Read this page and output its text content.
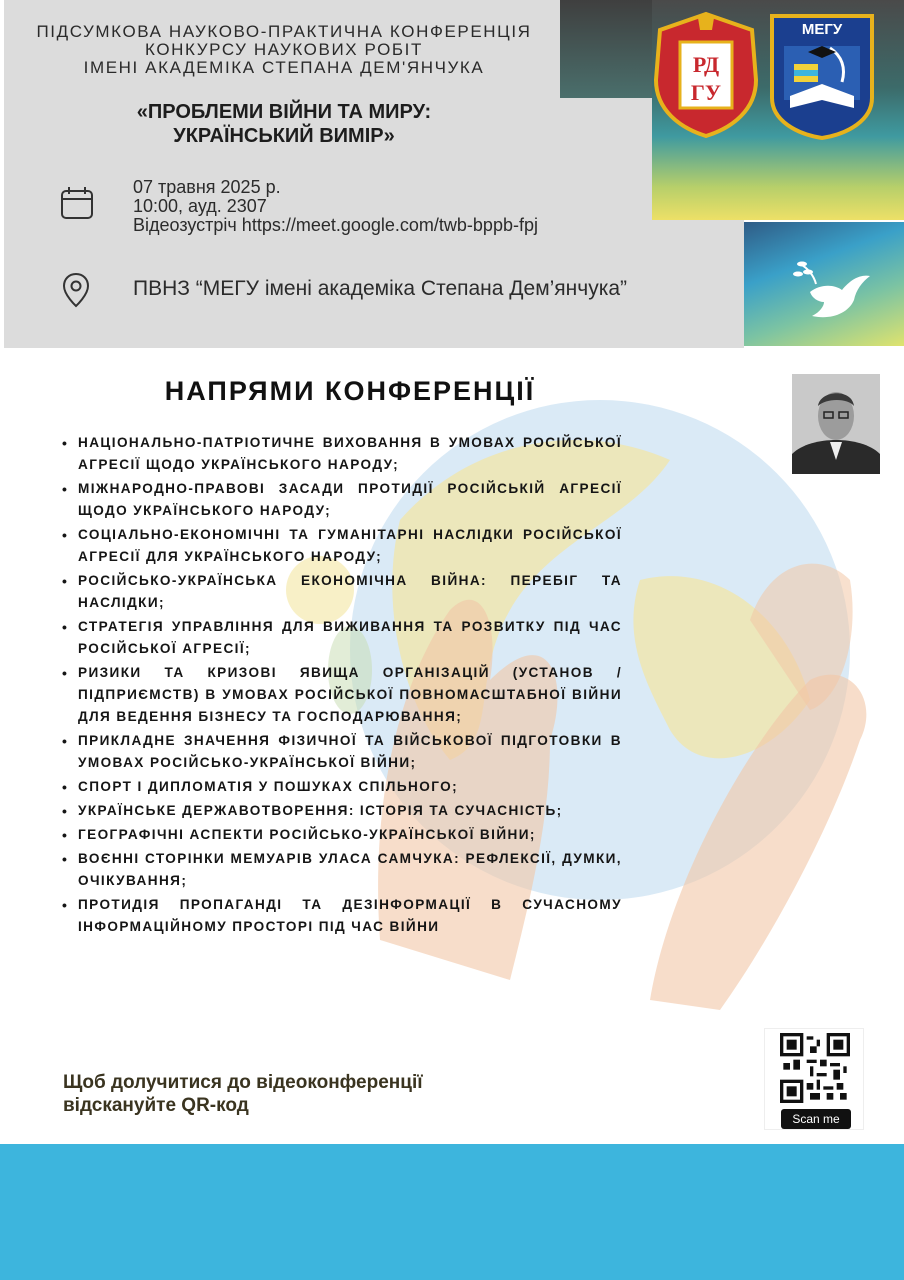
ПІДСУМКОВА НАУКОВО-ПРАКТИЧНА КОНФЕРЕНЦІЯ
КОНКУРСУ НАУКОВИХ РОБІТ
ІМЕНІ АКАДЕМІКА СТЕПАНА ДЕМ'ЯНЧУКА
«ПРОБЛЕМИ ВІЙНИ ТА МИРУ:
УКРАЇНСЬКИЙ ВИМІР»
07 травня 2025 р.
10:00, ауд. 2307
Відеозустріч https://meet.google.com/twb-bppb-fpj
ПВНЗ “МЕГУ імені академіка Степана Дем’янчука”
РД
ГУ
МЕГУ
НАПРЯМИ КОНФЕРЕНЦІЇ
• НАЦІОНАЛЬНО-ПАТРІОТИЧНЕ ВИХОВАННЯ В УМОВАХ РОСІЙСЬКОЇ АГРЕСІЇ ЩОДО УКРАЇНСЬКОГО НАРОДУ;
• МІЖНАРОДНО-ПРАВОВІ ЗАСАДИ ПРОТИДІЇ РОСІЙСЬКІЙ АГРЕСІЇ ЩОДО УКРАЇНСЬКОГО НАРОДУ;
• СОЦІАЛЬНО-ЕКОНОМІЧНІ ТА ГУМАНІТАРНІ НАСЛІДКИ РОСІЙСЬКОЇ АГРЕСІЇ ДЛЯ УКРАЇНСЬКОГО НАРОДУ;
• РОСІЙСЬКО-УКРАЇНСЬКА ЕКОНОМІЧНА ВІЙНА: ПЕРЕБІГ ТА НАСЛІДКИ;
• СТРАТЕГІЯ УПРАВЛІННЯ ДЛЯ ВИЖИВАННЯ ТА РОЗВИТКУ ПІД ЧАС РОСІЙСЬКОЇ АГРЕСІЇ;
• РИЗИКИ ТА КРИЗОВІ ЯВИЩА ОРГАНІЗАЦІЙ (УСТАНОВ / ПІДПРИЄМСТВ) В УМОВАХ РОСІЙСЬКОЇ ПОВНОМАСШТАБНОЇ ВІЙНИ ДЛЯ ВЕДЕННЯ БІЗНЕСУ ТА ГОСПОДАРЮВАННЯ;
• ПРИКЛАДНЕ ЗНАЧЕННЯ ФІЗИЧНОЇ ТА ВІЙСЬКОВОЇ ПІДГОТОВКИ В УМОВАХ РОСІЙСЬКО-УКРАЇНСЬКОЇ ВІЙНИ;
• СПОРТ І ДИПЛОМАТІЯ У ПОШУКАХ СПІЛЬНОГО;
• УКРАЇНСЬКЕ ДЕРЖАВОТВОРЕННЯ: ІСТОРІЯ ТА СУЧАСНІСТЬ;
• ГЕОГРАФІЧНІ АСПЕКТИ РОСІЙСЬКО-УКРАЇНСЬКОЇ ВІЙНИ;
• ВОЄННІ СТОРІНКИ МЕМУАРІВ УЛАСА САМЧУКА: РЕФЛЕКСІЇ, ДУМКИ, ОЧІКУВАННЯ;
• ПРОТИДІЯ ПРОПАГАНДІ ТА ДЕЗІНФОРМАЦІЇ В СУЧАСНОМУ ІНФОРМАЦІЙНОМУ ПРОСТОРІ ПІД ЧАС ВІЙНИ
Щоб долучитися до відеоконференції
відскануйте QR-код
Scan me
